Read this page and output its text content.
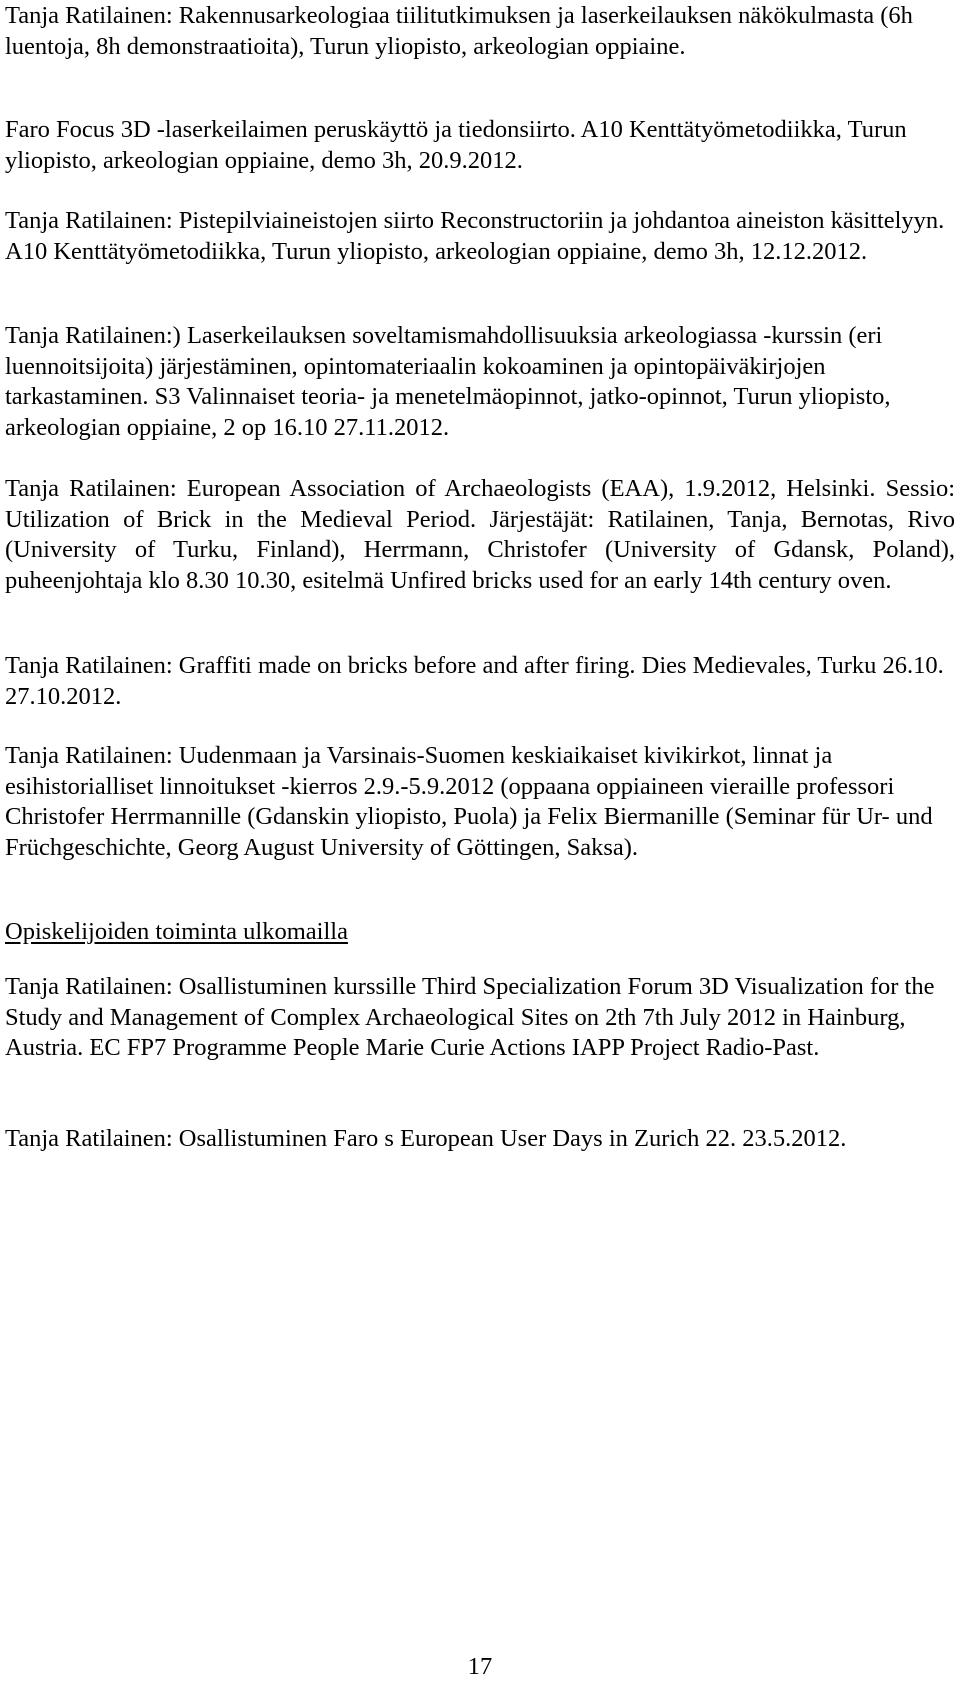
Tanja Ratilainen: Rakennusarkeologiaa tiilitutkimuksen ja laserkeilauksen näkökulmasta (6h luentoja, 8h demonstraatioita), Turun yliopisto, arkeologian oppiaine.

Faro Focus 3D -laserkeilaimen peruskäyttö ja tiedonsiirto. A10 Kenttätyömetodiikka, Turun yliopisto, arkeologian oppiaine, demo 3h, 20.9.2012.

Tanja Ratilainen: Pistepilviaineistojen siirto Reconstructoriin ja johdantoa aineiston käsittelyyn. A10 Kenttätyömetodiikka, Turun yliopisto, arkeologian oppiaine, demo 3h, 12.12.2012.

Tanja Ratilainen:) Laserkeilauksen soveltamismahdollisuuksia arkeologiassa -kurssin (eri luennoitsijoita) järjestäminen, opintomateriaalin kokoaminen ja opintopäiväkirjojen tarkastaminen. S3 Valinnaiset teoria- ja menetelmäopinnot, jatko-opinnot, Turun yliopisto, arkeologian oppiaine, 2 op 16.10 27.11.2012.

Tanja Ratilainen: European Association of Archaeologists (EAA), 1.9.2012, Helsinki. Sessio: Utilization of Brick in the Medieval Period. Järjestäjät: Ratilainen, Tanja, Bernotas, Rivo (University of Turku, Finland), Herrmann, Christofer (University of Gdansk, Poland), puheenjohtaja klo 8.30 10.30, esitelmä Unfired bricks used for an early 14th century oven.

Tanja Ratilainen: Graffiti made on bricks before and after firing. Dies Medievales, Turku 26.10. 27.10.2012.

Tanja Ratilainen: Uudenmaan ja Varsinais-Suomen keskiaikaiset kivikirkot, linnat ja esihistorialliset linnoitukset -kierros 2.9.-5.9.2012 (oppaana oppiaineen vieraille professori Christofer Herrmannille (Gdanskin yliopisto, Puola) ja Felix Biermanille (Seminar für Ur- und Früchgeschichte, Georg August University of Göttingen, Saksa).

Opiskelijoiden toiminta ulkomailla

Tanja Ratilainen: Osallistuminen kurssille Third Specialization Forum 3D Visualization for the Study and Management of Complex Archaeological Sites on 2th 7th July 2012 in Hainburg, Austria. EC FP7 Programme People Marie Curie Actions IAPP Project Radio-Past.

Tanja Ratilainen: Osallistuminen Faro s European User Days in Zurich 22. 23.5.2012.

17
